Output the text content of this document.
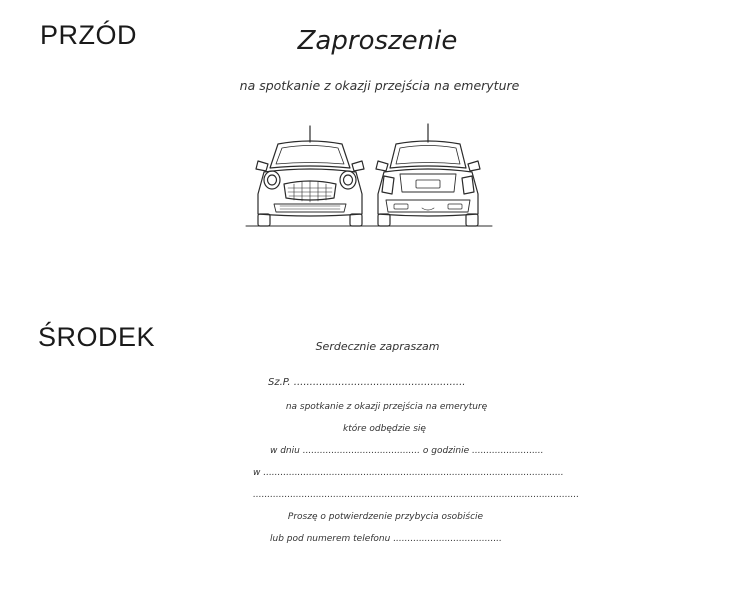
PRZÓD
ŚRODEK
Zaproszenie
na spotkanie z okazji przejścia na emeryture
Serdecznie zapraszam
Sz.P. ......................................................
na spotkanie z okazji przejścia na emeryturę
które odbędzie się
w dniu ......................................... o godzinie .........................
w .........................................................................................................
..................................................................................................................
Proszę o potwierdzenie przybycia osobiście
lub pod numerem telefonu ......................................
